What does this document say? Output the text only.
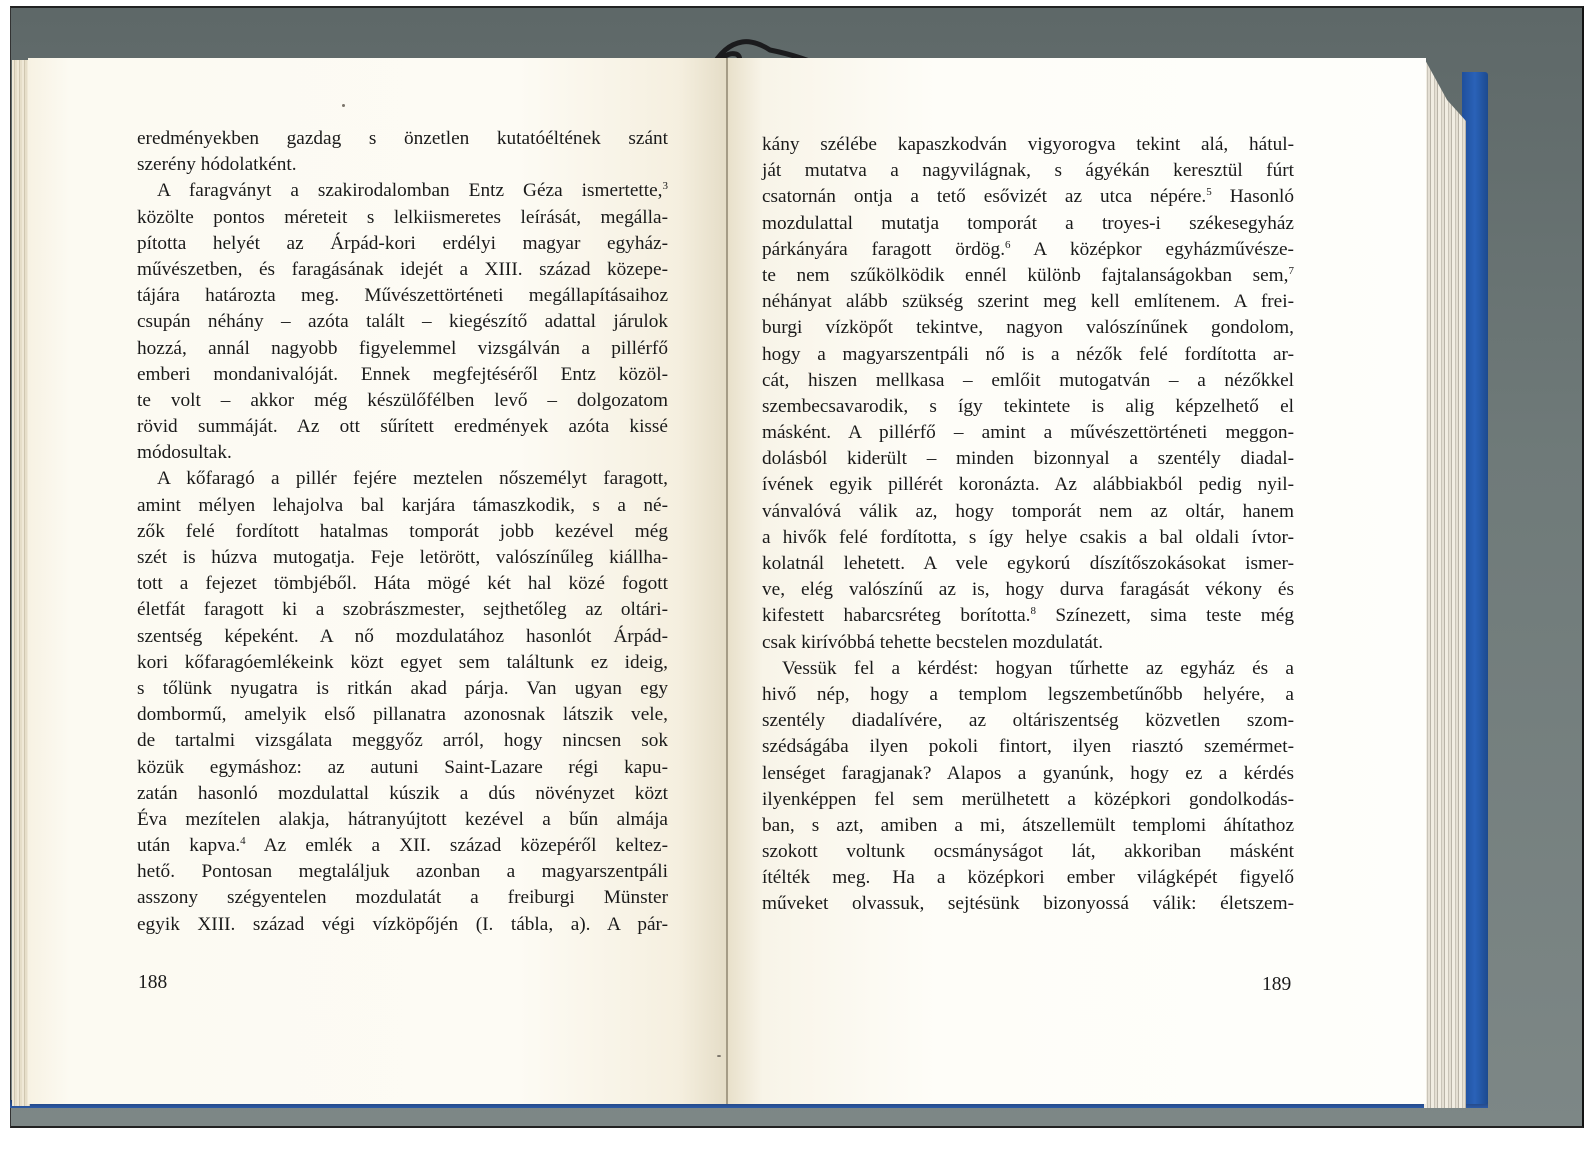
eredményekben gazdag s önzetlen kutatóéltének szánt
szerény hódolatként.
A faragványt a szakirodalomban Entz Géza ismertette,$^3$
közölte pontos méreteit s lelkiismeretes leírását, megálla-
pította helyét az Árpád-kori erdélyi magyar egyház-
művészetben, és faragásának idejét a XIII. század közepe-
tájára határozta meg. Művészettörténeti megállapításaihoz
csupán néhány – azóta talált – kiegészítő adattal járulok
hozzá, annál nagyobb figyelemmel vizsgálván a pillérfő
emberi mondanivalóját. Ennek megfejtéséről Entz közöl-
te volt – akkor még készülőfélben levő – dolgozatom
rövid summáját. Az ott sűrített eredmények azóta kissé
módosultak.
A kőfaragó a pillér fejére meztelen nőszemélyt faragott,
amint mélyen lehajolva bal karjára támaszkodik, s a né-
zők felé fordított hatalmas tomporát jobb kezével még
szét is húzva mutogatja. Feje letörött, valószínűleg kiállha-
tott a fejezet tömbjéből. Háta mögé két hal közé fogott
életfát faragott ki a szobrászmester, sejthetőleg az oltári-
szentség képeként. A nő mozdulatához hasonlót Árpád-
kori kőfaragóemlékeink közt egyet sem találtunk ez ideig,
s tőlünk nyugatra is ritkán akad párja. Van ugyan egy
dombormű, amelyik első pillanatra azonosnak látszik vele,
de tartalmi vizsgálata meggyőz arról, hogy nincsen sok
közük egymáshoz: az autuni Saint-Lazare régi kapu-
zatán hasonló mozdulattal kúszik a dús növényzet közt
Éva mezítelen alakja, hátranyújtott kezével a bűn almája
után kapva.$^4$ Az emlék a XII. század közepéről keltez-
hető. Pontosan megtaláljuk azonban a magyarszentpáli
asszony szégyentelen mozdulatát a freiburgi Münster
egyik XIII. század végi vízköpőjén (I. tábla, a). A pár-
kány szélébe kapaszkodván vigyorogva tekint alá, hátul-
ját mutatva a nagyvilágnak, s ágyékán keresztül fúrt
csatornán ontja a tető esővizét az utca népére.$^5$ Hasonló
mozdulattal mutatja tomporát a troyes-i székesegyház
párkányára faragott ördög.$^6$ A középkor egyházművésze-
te nem szűkölködik ennél különb fajtalanságokban sem,$^7$
néhányat alább szükség szerint meg kell említenem. A frei-
burgi vízköpőt tekintve, nagyon valószínűnek gondolom,
hogy a magyarszentpáli nő is a nézők felé fordította ar-
cát, hiszen mellkasa – emlőit mutogatván – a nézőkkel
szembecsavarodik, s így tekintete is alig képzelhető el
másként. A pillérfő – amint a művészettörténeti meggon-
dolásból kiderült – minden bizonnyal a szentély diadal-
ívének egyik pillérét koronázta. Az alábbiakból pedig nyil-
vánvalóvá válik az, hogy tomporát nem az oltár, hanem
a hivők felé fordította, s így helye csakis a bal oldali ívtor-
kolatnál lehetett. A vele egykorú díszítőszokásokat ismer-
ve, elég valószínű az is, hogy durva faragását vékony és
kifestett habarcsréteg borította.$^8$ Színezett, sima teste még
csak kirívóbbá tehette becstelen mozdulatát.
Vessük fel a kérdést: hogyan tűrhette az egyház és a
hivő nép, hogy a templom legszembetűnőbb helyére, a
szentély diadalívére, az oltáriszentség közvetlen szom-
szédságába ilyen pokoli fintort, ilyen riasztó szemérmet-
lenséget faragjanak? Alapos a gyanúnk, hogy ez a kérdés
ilyenképpen fel sem merülhetett a középkori gondolkodás-
ban, s azt, amiben a mi, átszellemült templomi áhítathoz
szokott voltunk ocsmányságot lát, akkoriban másként
ítélték meg. Ha a középkori ember világképét figyelő
műveket olvassuk, sejtésünk bizonyossá válik: életszem-
188	189
